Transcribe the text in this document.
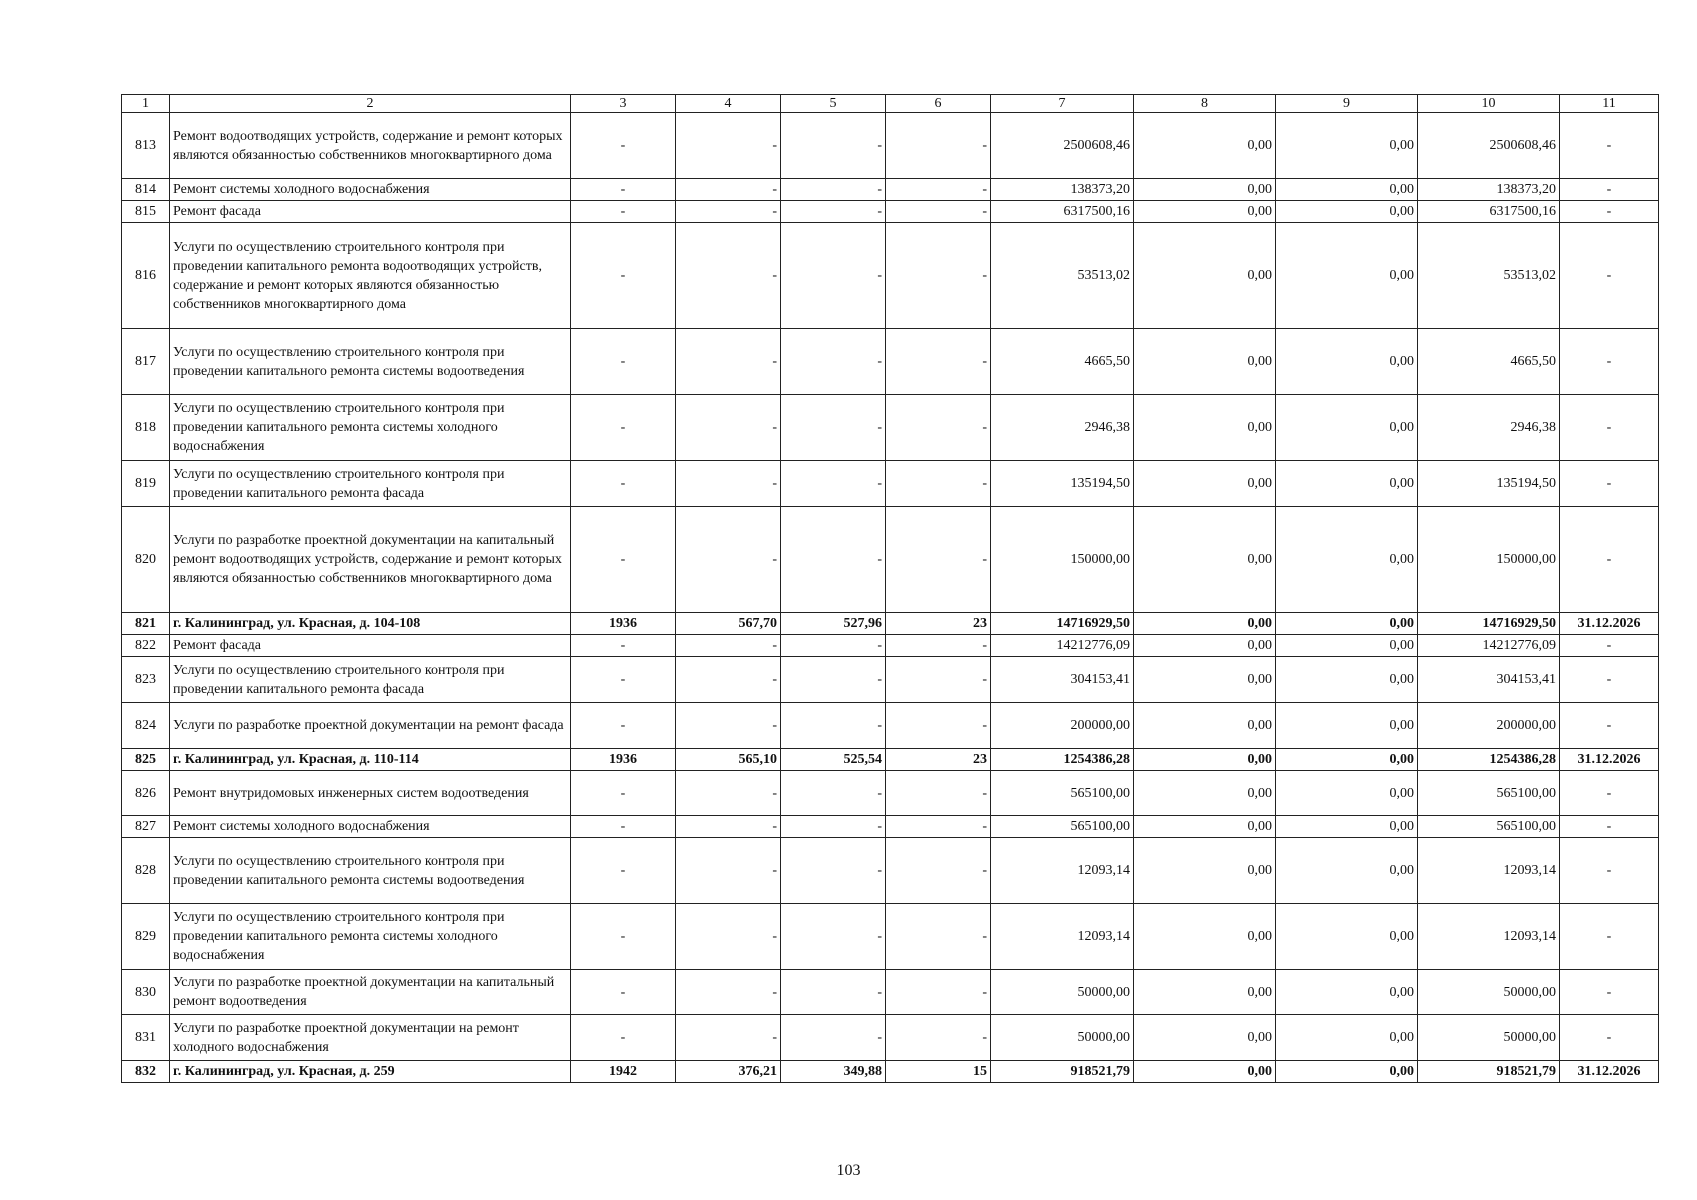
1	2	3	4	5	6	7	8	9	10	11
813	Ремонт водоотводящих устройств, содержание и ремонт которых являются обязанностью собственников многоквартирного дома	-	-	-	-	2500608,46	0,00	0,00	2500608,46	-
814	Ремонт системы холодного водоснабжения	-	-	-	-	138373,20	0,00	0,00	138373,20	-
815	Ремонт фасада	-	-	-	-	6317500,16	0,00	0,00	6317500,16	-
816	Услуги по осуществлению строительного контроля при проведении капитального ремонта водоотводящих устройств, содержание и ремонт которых являются обязанностью собственников многоквартирного дома	-	-	-	-	53513,02	0,00	0,00	53513,02	-
817	Услуги по осуществлению строительного контроля при проведении капитального ремонта системы водоотведения	-	-	-	-	4665,50	0,00	0,00	4665,50	-
818	Услуги по осуществлению строительного контроля при проведении капитального ремонта системы холодного водоснабжения	-	-	-	-	2946,38	0,00	0,00	2946,38	-
819	Услуги по осуществлению строительного контроля при проведении капитального ремонта фасада	-	-	-	-	135194,50	0,00	0,00	135194,50	-
820	Услуги по разработке проектной документации на капитальный ремонт водоотводящих устройств, содержание и ремонт которых являются обязанностью собственников многоквартирного дома	-	-	-	-	150000,00	0,00	0,00	150000,00	-
821	г. Калининград, ул. Красная, д. 104-108	1936	567,70	527,96	23	14716929,50	0,00	0,00	14716929,50	31.12.2026
822	Ремонт фасада	-	-	-	-	14212776,09	0,00	0,00	14212776,09	-
823	Услуги по осуществлению строительного контроля при проведении капитального ремонта фасада	-	-	-	-	304153,41	0,00	0,00	304153,41	-
824	Услуги по разработке проектной документации на ремонт фасада	-	-	-	-	200000,00	0,00	0,00	200000,00	-
825	г. Калининград, ул. Красная, д. 110-114	1936	565,10	525,54	23	1254386,28	0,00	0,00	1254386,28	31.12.2026
826	Ремонт внутридомовых инженерных систем водоотведения	-	-	-	-	565100,00	0,00	0,00	565100,00	-
827	Ремонт системы холодного водоснабжения	-	-	-	-	565100,00	0,00	0,00	565100,00	-
828	Услуги по осуществлению строительного контроля при проведении капитального ремонта системы водоотведения	-	-	-	-	12093,14	0,00	0,00	12093,14	-
829	Услуги по осуществлению строительного контроля при проведении капитального ремонта системы холодного водоснабжения	-	-	-	-	12093,14	0,00	0,00	12093,14	-
830	Услуги по разработке проектной документации на капитальный ремонт водоотведения	-	-	-	-	50000,00	0,00	0,00	50000,00	-
831	Услуги по разработке проектной документации на ремонт холодного водоснабжения	-	-	-	-	50000,00	0,00	0,00	50000,00	-
832	г. Калининград, ул. Красная, д. 259	1942	376,21	349,88	15	918521,79	0,00	0,00	918521,79	31.12.2026
103
